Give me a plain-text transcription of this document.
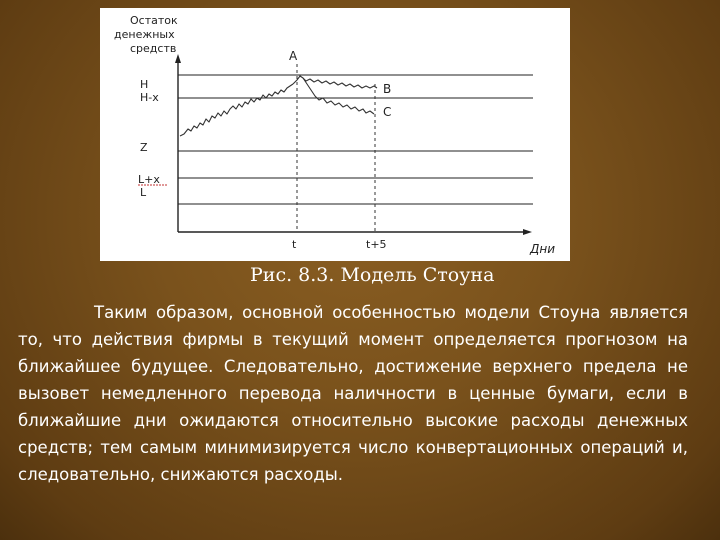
Остаток
денежных
средств
Дни
H
H-x
Z
L+x
L
A
B
C
t	t+5
Рис. 8.3. Модель Стоуна

Таким образом, основной особенностью модели Стоуна является то, что действия фирмы в текущий момент определяется прогнозом на ближайшее будущее. Следовательно, достижение верхнего предела не вызовет немедленного перевода наличности в ценные бумаги, если в ближайшие дни ожидаются относительно высокие расходы денежных средств; тем самым минимизируется число конвертационных операций и, следовательно, снижаются расходы.
